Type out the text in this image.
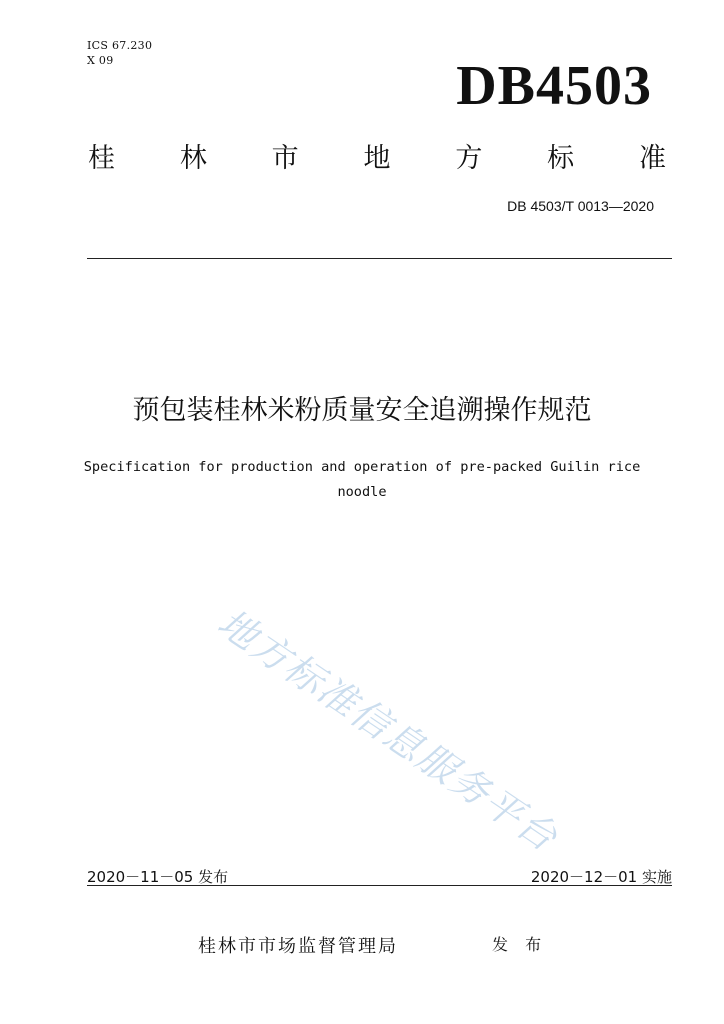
ICS 67.230
X 09	DB4503
桂 林 市 地 方 标 准
DB 4503/T 0013—2020
预包装桂林米粉质量安全追溯操作规范
Specification for production and operation of pre-packed Guilin rice
noodle
地方标准信息服务平台
2020－11－05 发布	2020－12－01 实施
桂林市市场监督管理局	发 布
